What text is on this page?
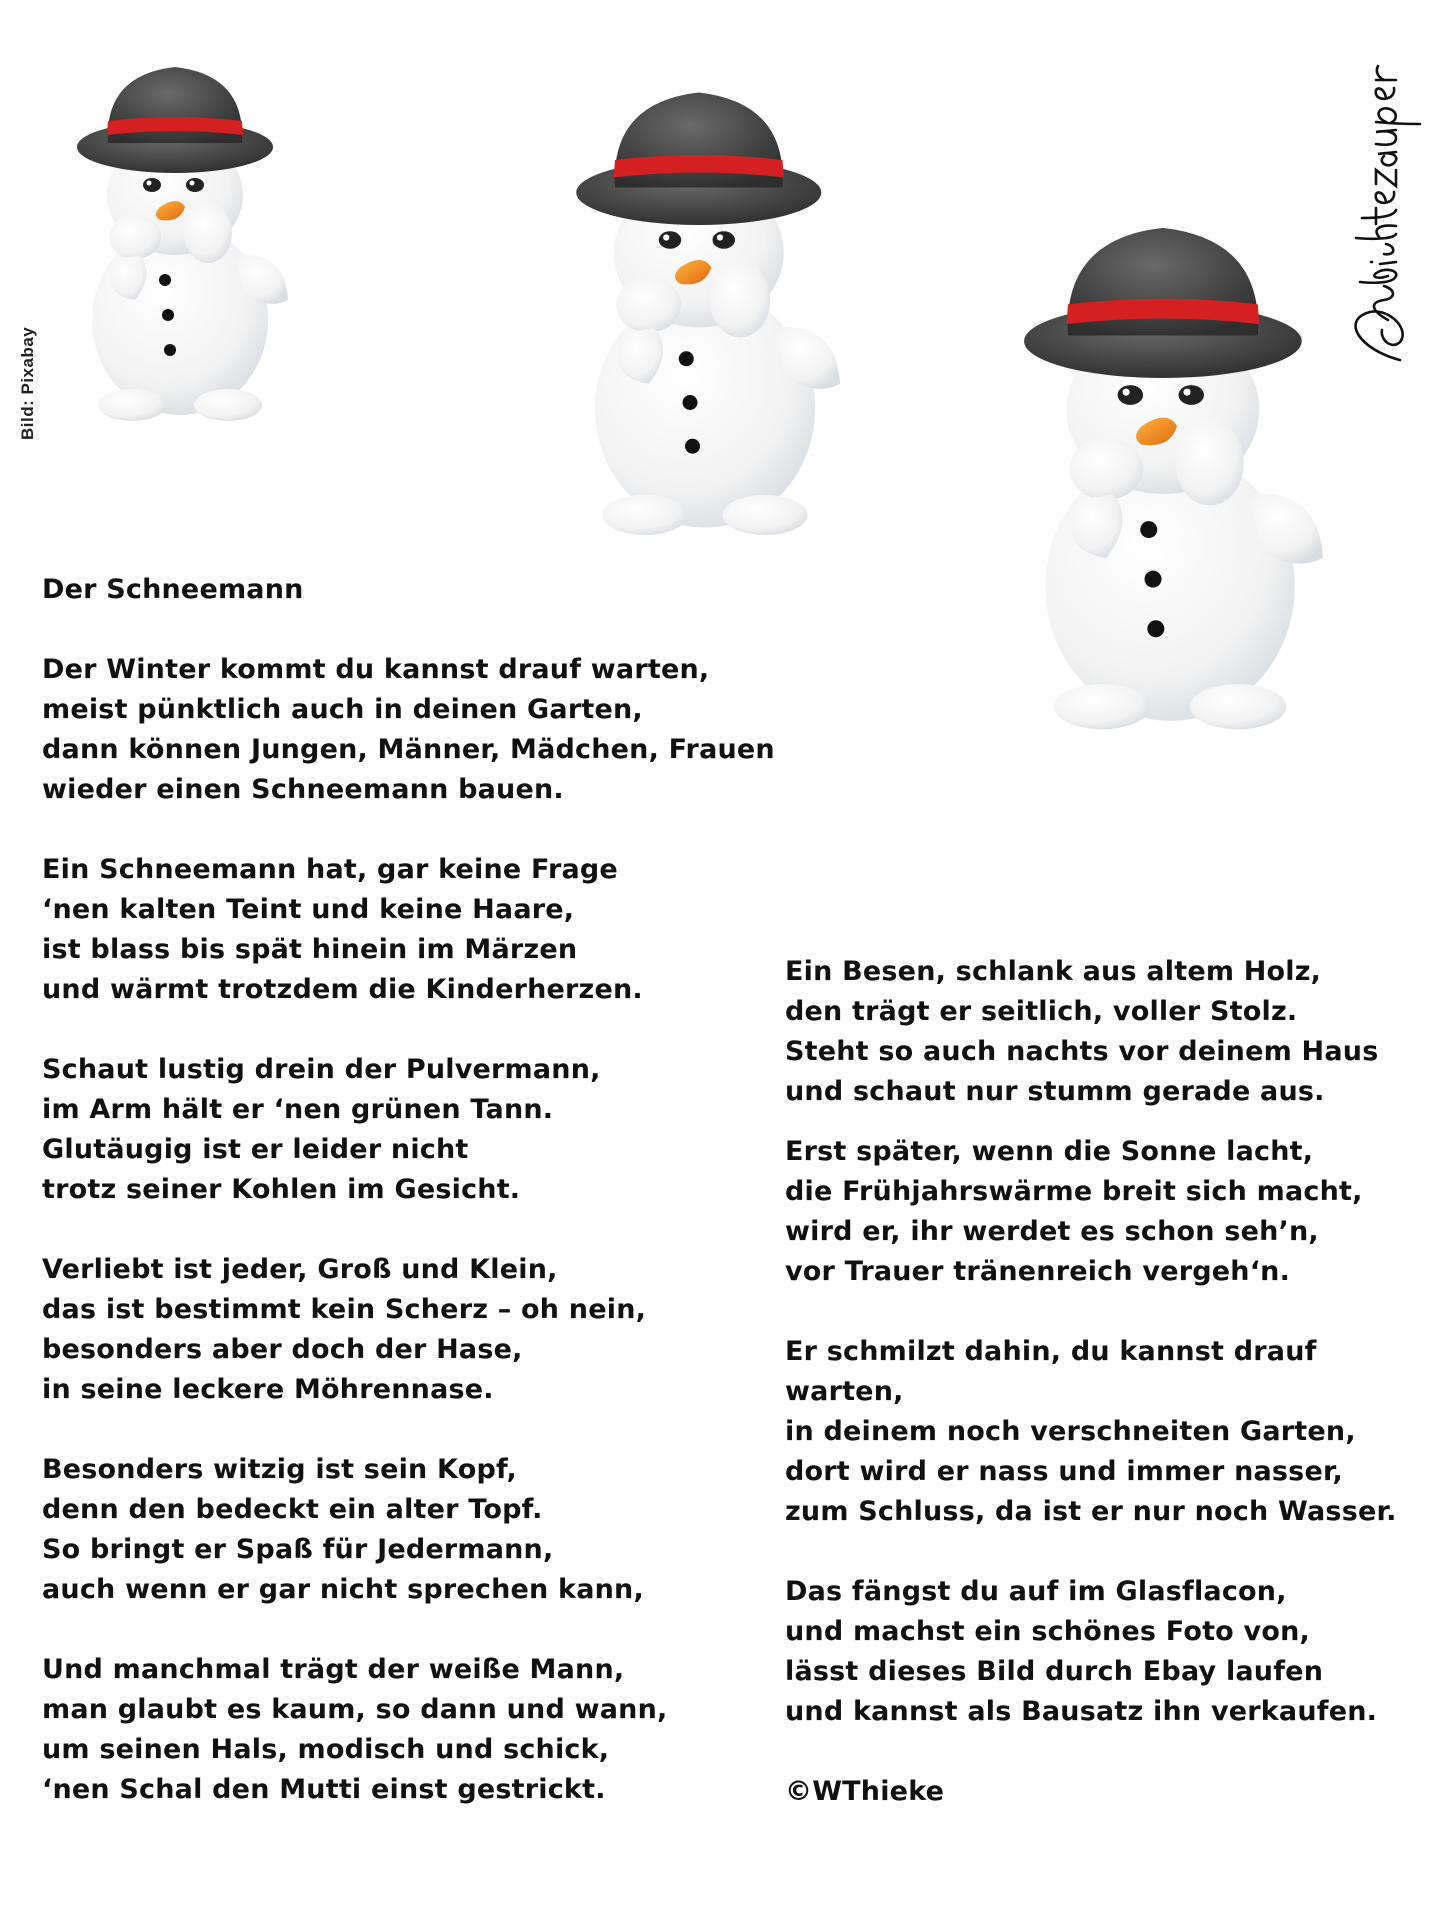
Bild: Pixabay
Der Schneemann
Der Winter kommt du kannst drauf warten,
meist pünktlich auch in deinen Garten,
dann können Jungen, Männer, Mädchen, Frauen
wieder einen Schneemann bauen.
Ein Schneemann hat, gar keine Frage
‘nen kalten Teint und keine Haare,
ist blass bis spät hinein im Märzen
und wärmt trotzdem die Kinderherzen.
Schaut lustig drein der Pulvermann,
im Arm hält er ‘nen grünen Tann.
Glutäugig ist er leider nicht
trotz seiner Kohlen im Gesicht.
Verliebt ist jeder, Groß und Klein,
das ist bestimmt kein Scherz – oh nein,
besonders aber doch der Hase,
in seine leckere Möhrennase.
Besonders witzig ist sein Kopf,
denn den bedeckt ein alter Topf.
So bringt er Spaß für Jedermann,
auch wenn er gar nicht sprechen kann,
Und manchmal trägt der weiße Mann,
man glaubt es kaum, so dann und wann,
um seinen Hals, modisch und schick,
‘nen Schal den Mutti einst gestrickt.
Ein Besen, schlank aus altem Holz,
den trägt er seitlich, voller Stolz.
Steht so auch nachts vor deinem Haus
und schaut nur stumm gerade aus.
Erst später, wenn die Sonne lacht,
die Frühjahrswärme breit sich macht,
wird er, ihr werdet es schon seh’n,
vor Trauer tränenreich vergeh‘n.
Er schmilzt dahin, du kannst drauf
warten,
in deinem noch verschneiten Garten,
dort wird er nass und immer nasser,
zum Schluss, da ist er nur noch Wasser.
Das fängst du auf im Glasflacon,
und machst ein schönes Foto von,
lässt dieses Bild durch Ebay laufen
und kannst als Bausatz ihn verkaufen.
©WThieke
